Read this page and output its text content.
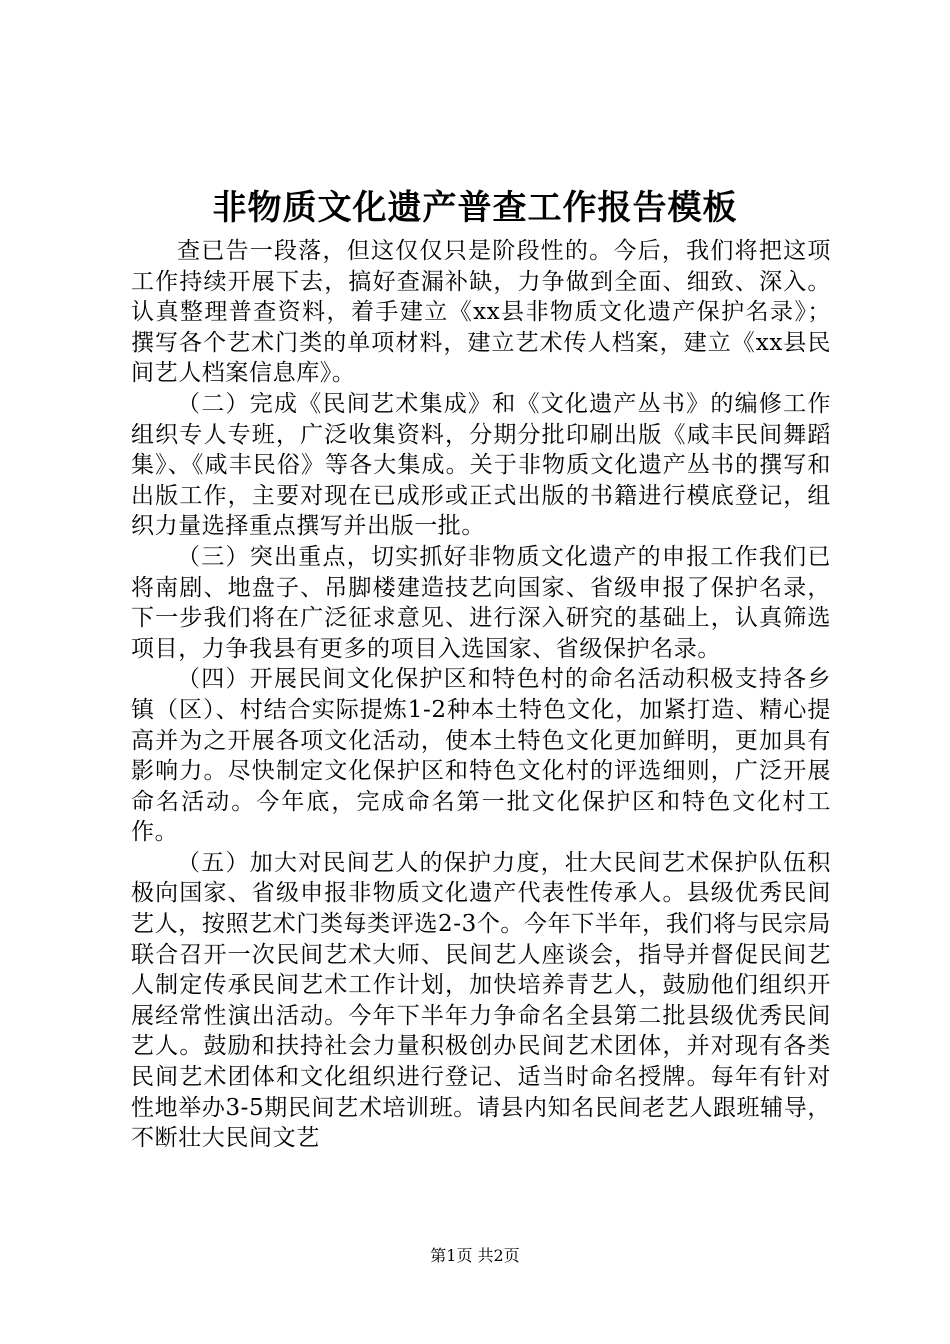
非物质文化遗产普查工作报告模板

查已告一段落，但这仅仅只是阶段性的。今后，我们将把这项工作持续开展下去，搞好查漏补缺，力争做到全面、细致、深入。认真整理普查资料，着手建立《xx县非物质文化遗产保护名录》；撰写各个艺术门类的单项材料，建立艺术传人档案，建立《xx县民间艺人档案信息库》。

（二）完成《民间艺术集成》和《文化遗产丛书》的编修工作组织专人专班，广泛收集资料，分期分批印刷出版《咸丰民间舞蹈集》、《咸丰民俗》等各大集成。关于非物质文化遗产丛书的撰写和出版工作，主要对现在已成形或正式出版的书籍进行模底登记，组织力量选择重点撰写并出版一批。

（三）突出重点，切实抓好非物质文化遗产的申报工作我们已将南剧、地盘子、吊脚楼建造技艺向国家、省级申报了保护名录，下一步我们将在广泛征求意见、进行深入研究的基础上，认真筛选项目，力争我县有更多的项目入选国家、省级保护名录。

（四）开展民间文化保护区和特色村的命名活动积极支持各乡镇（区）、村结合实际提炼1-2种本土特色文化，加紧打造、精心提高并为之开展各项文化活动，使本土特色文化更加鲜明，更加具有影响力。尽快制定文化保护区和特色文化村的评选细则，广泛开展命名活动。今年底，完成命名第一批文化保护区和特色文化村工作。

（五）加大对民间艺人的保护力度，壮大民间艺术保护队伍积极向国家、省级申报非物质文化遗产代表性传承人。县级优秀民间艺人，按照艺术门类每类评选2-3个。今年下半年，我们将与民宗局联合召开一次民间艺术大师、民间艺人座谈会，指导并督促民间艺人制定传承民间艺术工作计划，加快培养青艺人，鼓励他们组织开展经常性演出活动。今年下半年力争命名全县第二批县级优秀民间艺人。鼓励和扶持社会力量积极创办民间艺术团体，并对现有各类民间艺术团体和文化组织进行登记、适当时命名授牌。每年有针对性地举办3-5期民间艺术培训班。请县内知名民间老艺人跟班辅导，不断壮大民间文艺

第1页 共2页
